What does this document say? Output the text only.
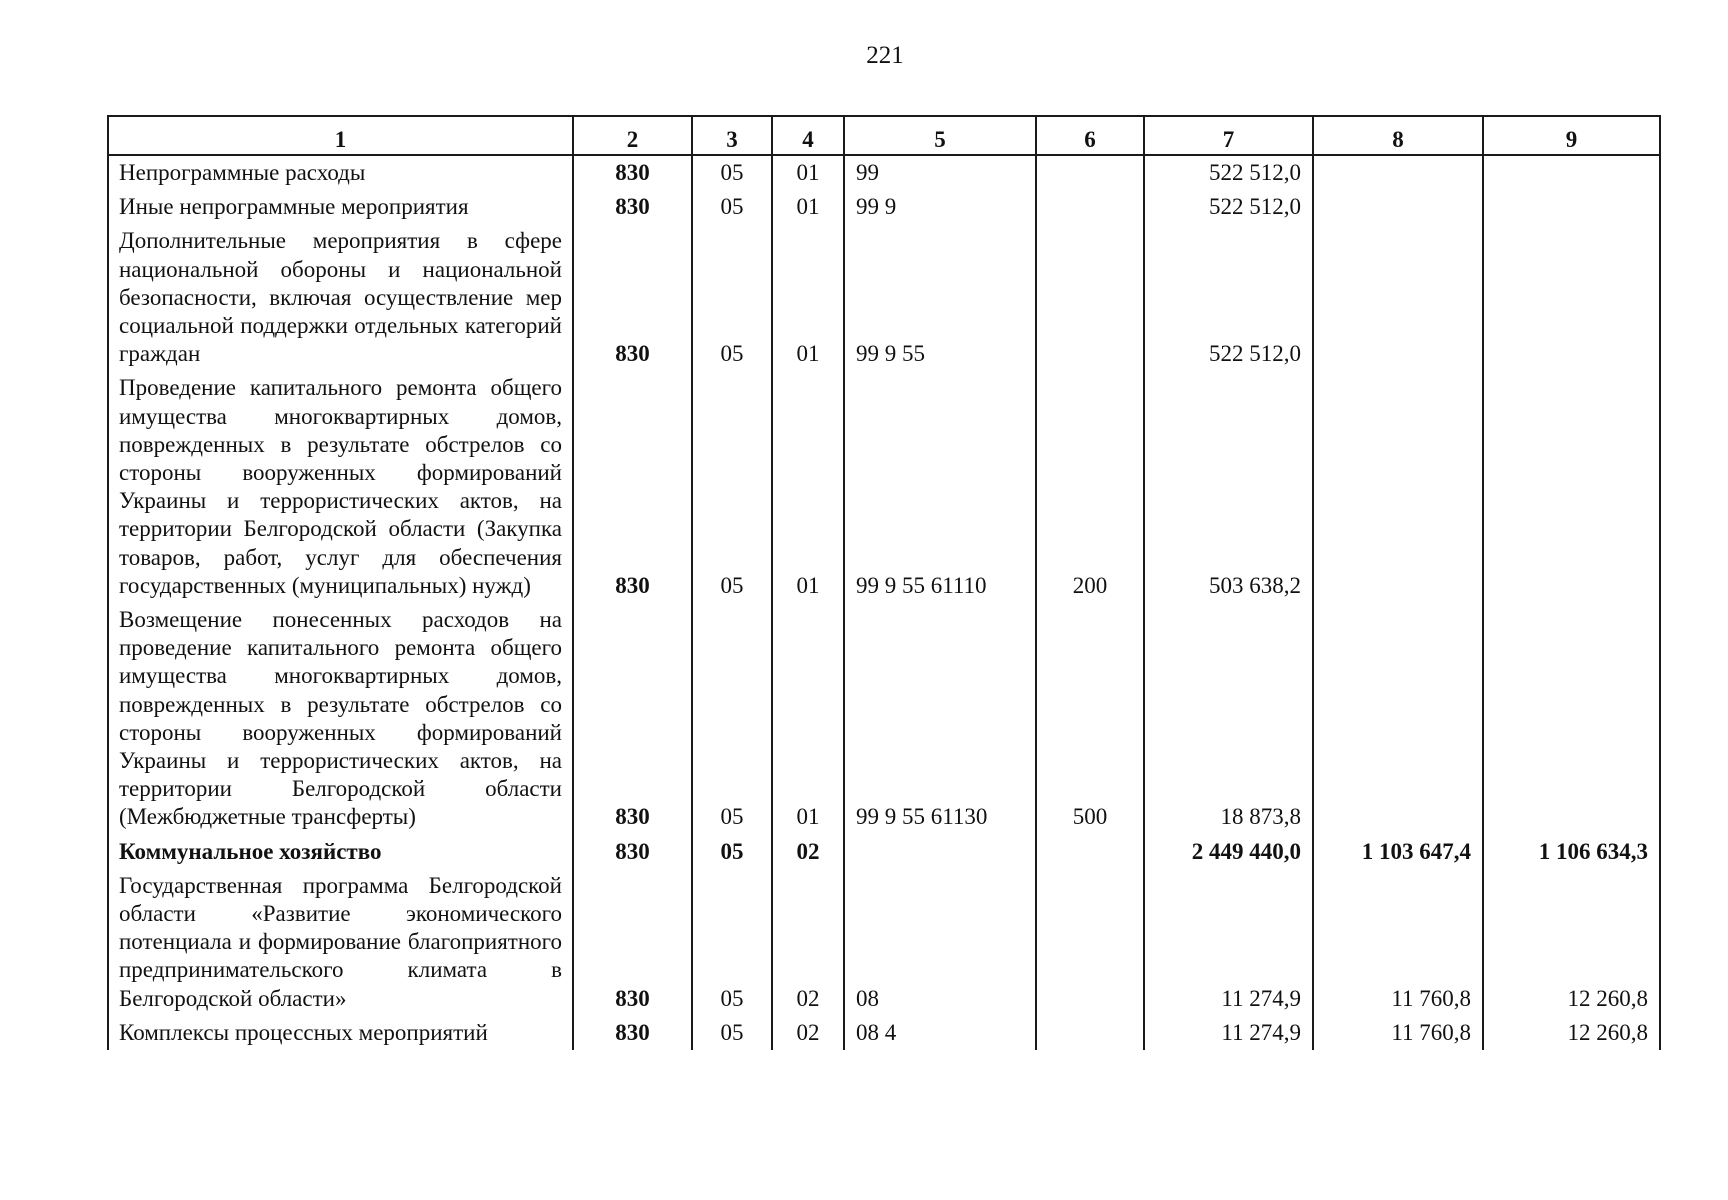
221
1	2	3	4	5	6	7	8	9
Непрограммные расходы	830	05	01	99		522 512,0		
Иные непрограммные мероприятия	830	05	01	99 9		522 512,0		
Дополнительные мероприятия в сфере национальной обороны и национальной безопасности, включая осуществление мер социальной поддержки отдельных категорий граждан	830	05	01	99 9 55		522 512,0		
Проведение капитального ремонта общего имущества многоквартирных домов, поврежденных в результате обстрелов со стороны вооруженных формирований Украины и террористических актов, на территории Белгородской области (Закупка товаров, работ, услуг для обеспечения государственных (муниципальных) нужд)	830	05	01	99 9 55 61110	200	503 638,2		
Возмещение понесенных расходов на проведение капитального ремонта общего имущества многоквартирных домов, поврежденных в результате обстрелов со стороны вооруженных формирований Украины и террористических актов, на территории Белгородской области (Межбюджетные трансферты)	830	05	01	99 9 55 61130	500	18 873,8		
Коммунальное хозяйство	830	05	02			2 449 440,0	1 103 647,4	1 106 634,3
Государственная программа Белгородской области «Развитие экономического потенциала и формирование благоприятного предпринимательского климата в Белгородской области»	830	05	02	08		11 274,9	11 760,8	12 260,8
Комплексы процессных мероприятий	830	05	02	08 4		11 274,9	11 760,8	12 260,8
